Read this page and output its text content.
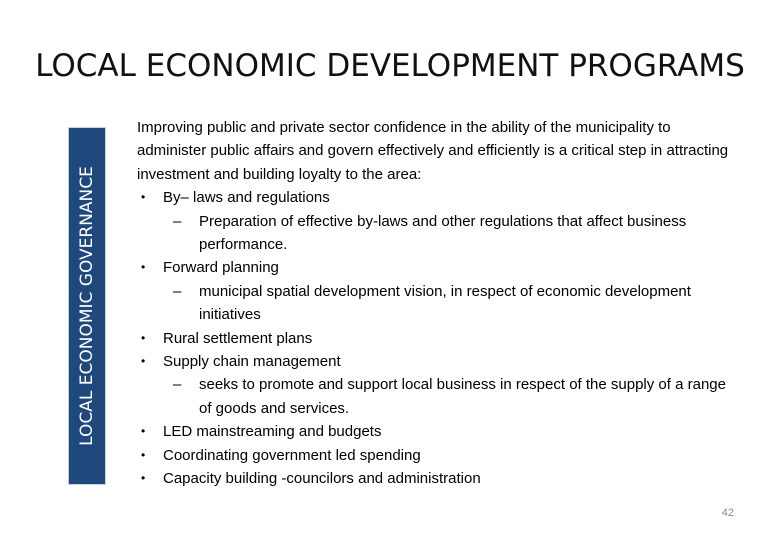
LOCAL ECONOMIC DEVELOPMENT PROGRAMS
LOCAL ECONOMIC GOVERNANCE

Improving public and private sector confidence in the ability of the municipality to administer public affairs and govern effectively and efficiently is a critical step in attracting investment and building loyalty to the area:

• By– laws and regulations
– Preparation of effective by-laws and other regulations that affect business performance.
• Forward planning
– municipal spatial development vision, in respect of economic development initiatives
• Rural settlement plans
• Supply chain management
– seeks to promote and support local business in respect of the supply of a range of goods and services.
• LED mainstreaming and budgets
• Coordinating government led spending
• Capacity building -councilors and administration
42
